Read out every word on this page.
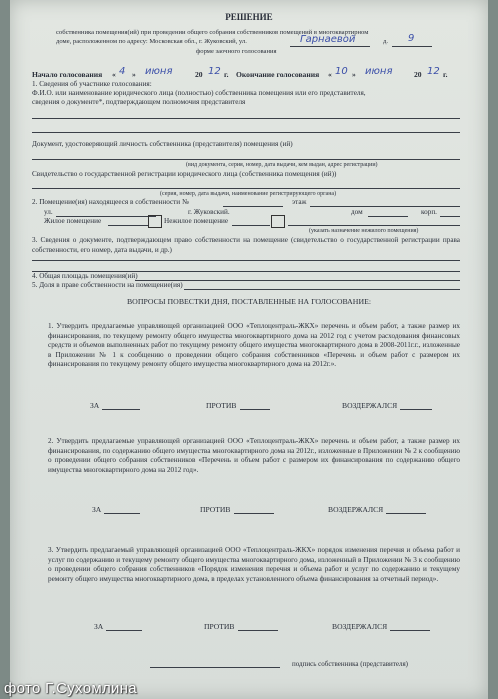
РЕШЕНИЕ
собственника помещения(ий) при проведении общего собрания собственников помещений в многоквартирном
доме, расположенном по адресу: Московская обл., г. Жуковский, ул.	Гарнаевой	д. 9
форме заочного голосования
Начало голосования « 4 » июня	20 12 г. Окончание голосования « 10 » июня	20 12 г.
1. Сведения об участнике голосования:
Ф.И.О. или наименование юридического лица (полностью) собственника помещения или его представителя,
сведения о документе*, подтверждающем полномочия представителя
Документ, удостоверяющий личность собственника (представителя) помещения (ий)
(вид документа, серия, номер, дата выдачи, кем выдан, адрес регистрации)
Свидетельство о государственной регистрации юридического лица (собственника помещения (ий))
(серия, номер, дата выдачи, наименование регистрирующего органа)
2. Помещение(ия) находящееся в собственности №	этаж
ул.	г. Жуковский.	дом	корп.
Жилое помещение	Нежилое помещение
(указать назначение нежилого помещения)
3. Сведения о документе, подтверждающем право собственности на помещение (свидетельство о государственной регистрации права собственности, его номер, дата выдачи, и др.)
4. Общая площадь помещения(ий)
5. Доля в праве собственности на помещение(ия)
ВОПРОСЫ ПОВЕСТКИ ДНЯ, ПОСТАВЛЕННЫЕ НА ГОЛОСОВАНИЕ:
1. Утвердить предлагаемые управляющей организацией ООО «Теплоцентраль-ЖКХ» перечень и объем работ, а также размер их финансирования, по текущему ремонту общего имущества многоквартирного дома на 2012 год с учетом расходования финансовых средств и объемов выполненных работ по текущему ремонту общего имущества многоквартирного дома в 2008-2011г.г., изложенные в Приложении № 1 к сообщению о проведении общего собрания собственников «Перечень и объем работ с размером их финансирования по текущему ремонту общего имущества многоквартирного дома на 2012г.».
ЗА	ПРОТИВ	ВОЗДЕРЖАЛСЯ
2. Утвердить предлагаемые управляющей организацией ООО «Теплоцентраль-ЖКХ» перечень и объем работ, а также размер их финансирования, по содержанию общего имущества многоквартирного дома на 2012г., изложенные в Приложении № 2 к сообщению о проведении общего собрания собственников «Перечень и объем работ с размером их финансирования по содержанию общего имущества многоквартирного дома на 2012 год».
ЗА	ПРОТИВ	ВОЗДЕРЖАЛСЯ
3. Утвердить предлагаемый управляющей организацией ООО «Теплоцентраль-ЖКХ» порядок изменения перечня и объема работ и услуг по содержанию и текущему ремонту общего имущества многоквартирного дома, изложенный в Приложении № 3 к сообщению о проведении общего собрания собственников «Порядок изменения перечня и объема работ и услуг по содержанию и текущему ремонту общего имущества многоквартирного дома, в пределах установленного объема финансирования за отчетный период».
ЗА	ПРОТИВ	ВОЗДЕРЖАЛСЯ
подпись собственника (представителя)
фото Г.Сухомлина
